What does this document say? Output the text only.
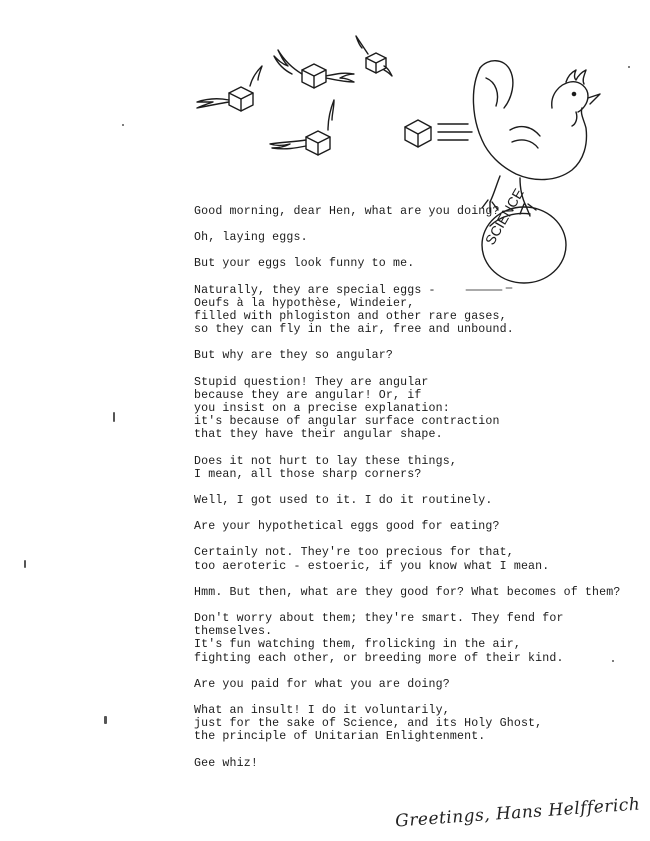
SCIENCE

Good morning, dear Hen, what are you doing?

Oh, laying eggs.

But your eggs look funny to me.

Naturally, they are special eggs -
Oeufs à la hypothèse, Windeier,
filled with phlogiston and other rare gases,
so they can fly in the air, free and unbound.

But why are they so angular?

Stupid question! They are angular
because they are angular! Or, if
you insist on a precise explanation:
it's because of angular surface contraction
that they have their angular shape.

Does it not hurt to lay these things,
I mean, all those sharp corners?

Well, I got used to it. I do it routinely.

Are your hypothetical eggs good for eating?

Certainly not. They're too precious for that,
too aeroteric - estoeric, if you know what I mean.

Hmm. But then, what are they good for? What becomes of them?

Don't worry about them; they're smart. They fend for themselves.
It's fun watching them, frolicking in the air,
fighting each other, or breeding more of their kind.

Are you paid for what you are doing?

What an insult! I do it voluntarily,
just for the sake of Science, and its Holy Ghost,
the principle of Unitarian Enlightenment.

Gee whiz!

Greetings, Hans Helfferich
